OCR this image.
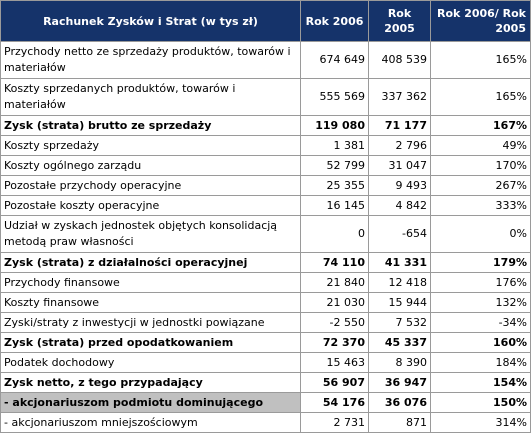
Rachunek Zysków i Strat (w tys zł)	Rok 2006	Rok 2005	Rok 2006/ Rok 2005
Przychody netto ze sprzedaży produktów, towarów i materiałów	674 649	408 539	165%
Koszty sprzedanych produktów, towarów i materiałów	555 569	337 362	165%
Zysk (strata) brutto ze sprzedaży	119 080	71 177	167%
Koszty sprzedaży	1 381	2 796	49%
Koszty ogólnego zarządu	52 799	31 047	170%
Pozostałe przychody operacyjne	25 355	9 493	267%
Pozostałe koszty operacyjne	16 145	4 842	333%
Udział w zyskach jednostek objętych konsolidacją metodą praw własności	0	-654	0%
Zysk (strata) z działalności operacyjnej	74 110	41 331	179%
Przychody finansowe	21 840	12 418	176%
Koszty finansowe	21 030	15 944	132%
Zyski/straty z inwestycji w jednostki powiązane	-2 550	7 532	-34%
Zysk (strata) przed opodatkowaniem	72 370	45 337	160%
Podatek dochodowy	15 463	8 390	184%
Zysk netto, z tego przypadający	56 907	36 947	154%
- akcjonariuszom podmiotu dominującego	54 176	36 076	150%
- akcjonariuszom mniejszościowym	2 731	871	314%
